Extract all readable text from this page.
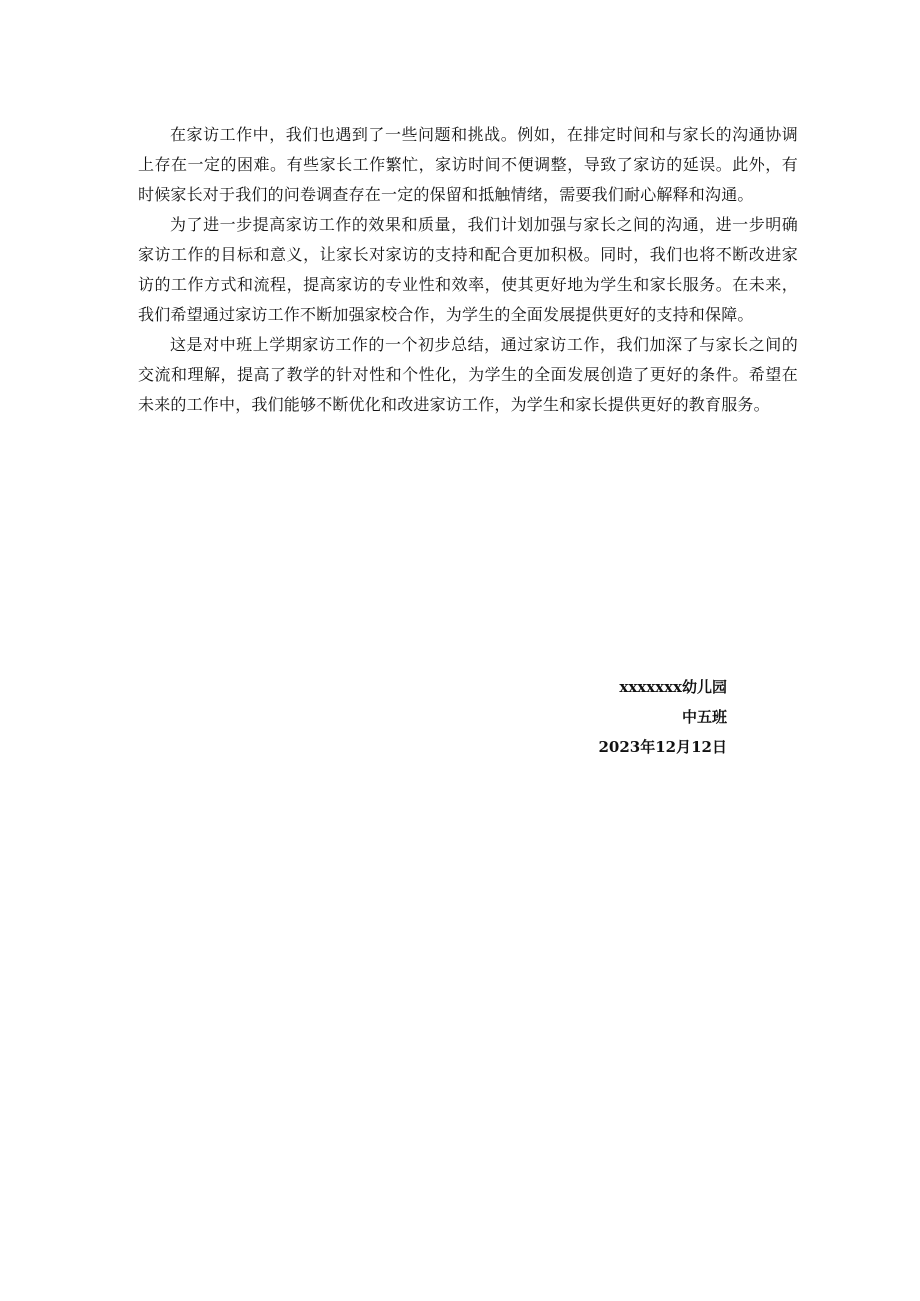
在家访工作中，我们也遇到了一些问题和挑战。例如，在排定时间和与家长的沟通协调上存在一定的困难。有些家长工作繁忙，家访时间不便调整，导致了家访的延误。此外，有时候家长对于我们的问卷调查存在一定的保留和抵触情绪，需要我们耐心解释和沟通。

为了进一步提高家访工作的效果和质量，我们计划加强与家长之间的沟通，进一步明确家访工作的目标和意义，让家长对家访的支持和配合更加积极。同时，我们也将不断改进家访的工作方式和流程，提高家访的专业性和效率，使其更好地为学生和家长服务。在未来，我们希望通过家访工作不断加强家校合作，为学生的全面发展提供更好的支持和保障。

这是对中班上学期家访工作的一个初步总结，通过家访工作，我们加深了与家长之间的交流和理解，提高了教学的针对性和个性化，为学生的全面发展创造了更好的条件。希望在未来的工作中，我们能够不断优化和改进家访工作，为学生和家长提供更好的教育服务。

xxxxxxx幼儿园

中五班

2023年12月12日
